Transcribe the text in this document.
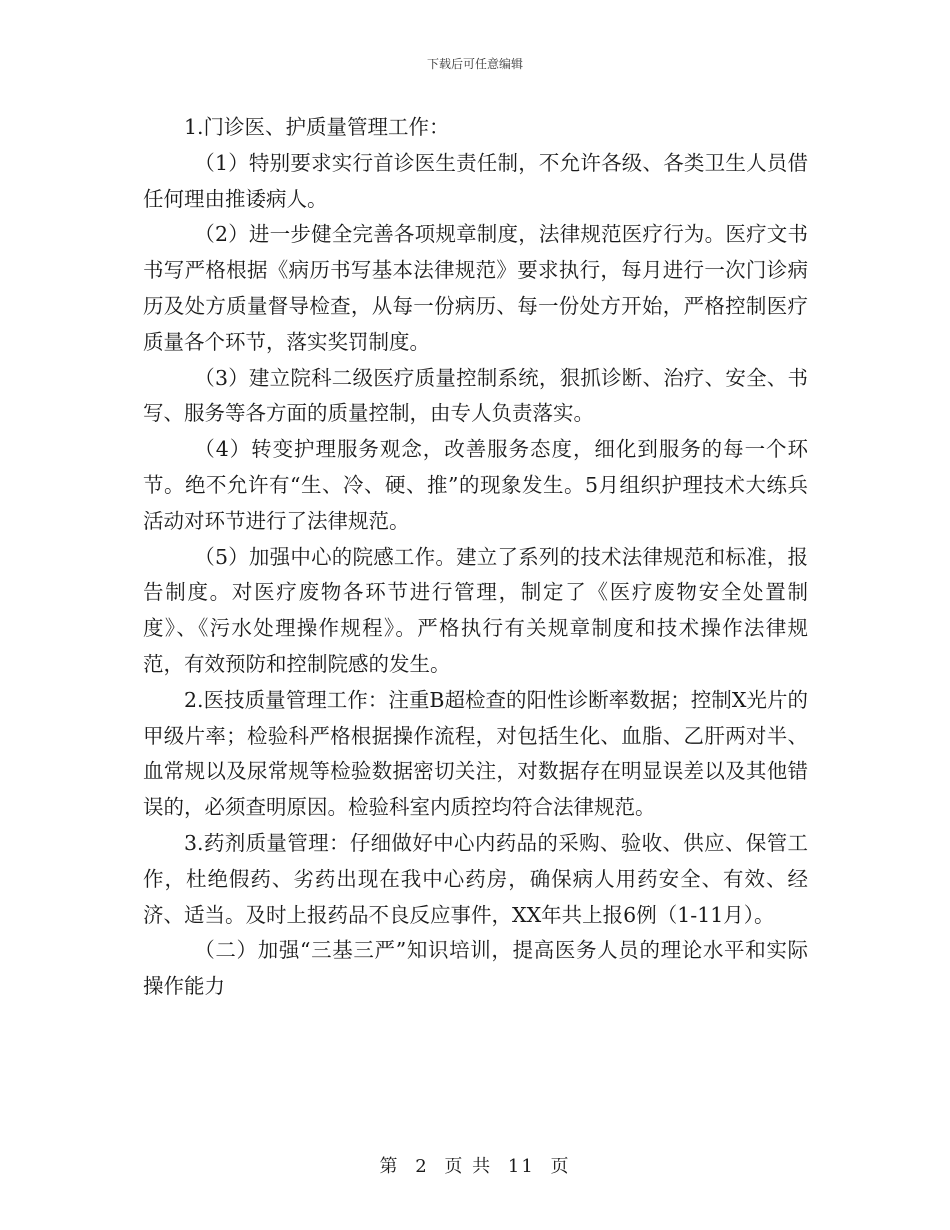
下载后可任意编辑

1.门诊医、护质量管理工作：

（1）特别要求实行首诊医生责任制，不允许各级、各类卫生人员借任何理由推诿病人。

（2）进一步健全完善各项规章制度，法律规范医疗行为。医疗文书书写严格根据《病历书写基本法律规范》要求执行，每月进行一次门诊病历及处方质量督导检查，从每一份病历、每一份处方开始，严格控制医疗质量各个环节，落实奖罚制度。

（3）建立院科二级医疗质量控制系统，狠抓诊断、治疗、安全、书写、服务等各方面的质量控制，由专人负责落实。

（4）转变护理服务观念，改善服务态度，细化到服务的每一个环节。绝不允许有“生、冷、硬、推”的现象发生。5月组织护理技术大练兵活动对环节进行了法律规范。

（5）加强中心的院感工作。建立了系列的技术法律规范和标准，报告制度。对医疗废物各环节进行管理，制定了《医疗废物安全处置制度》、《污水处理操作规程》。严格执行有关规章制度和技术操作法律规范，有效预防和控制院感的发生。

2.医技质量管理工作：注重B超检查的阳性诊断率数据；控制X光片的甲级片率；检验科严格根据操作流程，对包括生化、血脂、乙肝两对半、血常规以及尿常规等检验数据密切关注，对数据存在明显误差以及其他错误的，必须查明原因。检验科室内质控均符合法律规范。

3.药剂质量管理：仔细做好中心内药品的采购、验收、供应、保管工作，杜绝假药、劣药出现在我中心药房，确保病人用药安全、有效、经济、适当。及时上报药品不良反应事件，XX年共上报6例（1-11月）。

（二）加强“三基三严”知识培训，提高医务人员的理论水平和实际操作能力

第 2 页 共 11 页
